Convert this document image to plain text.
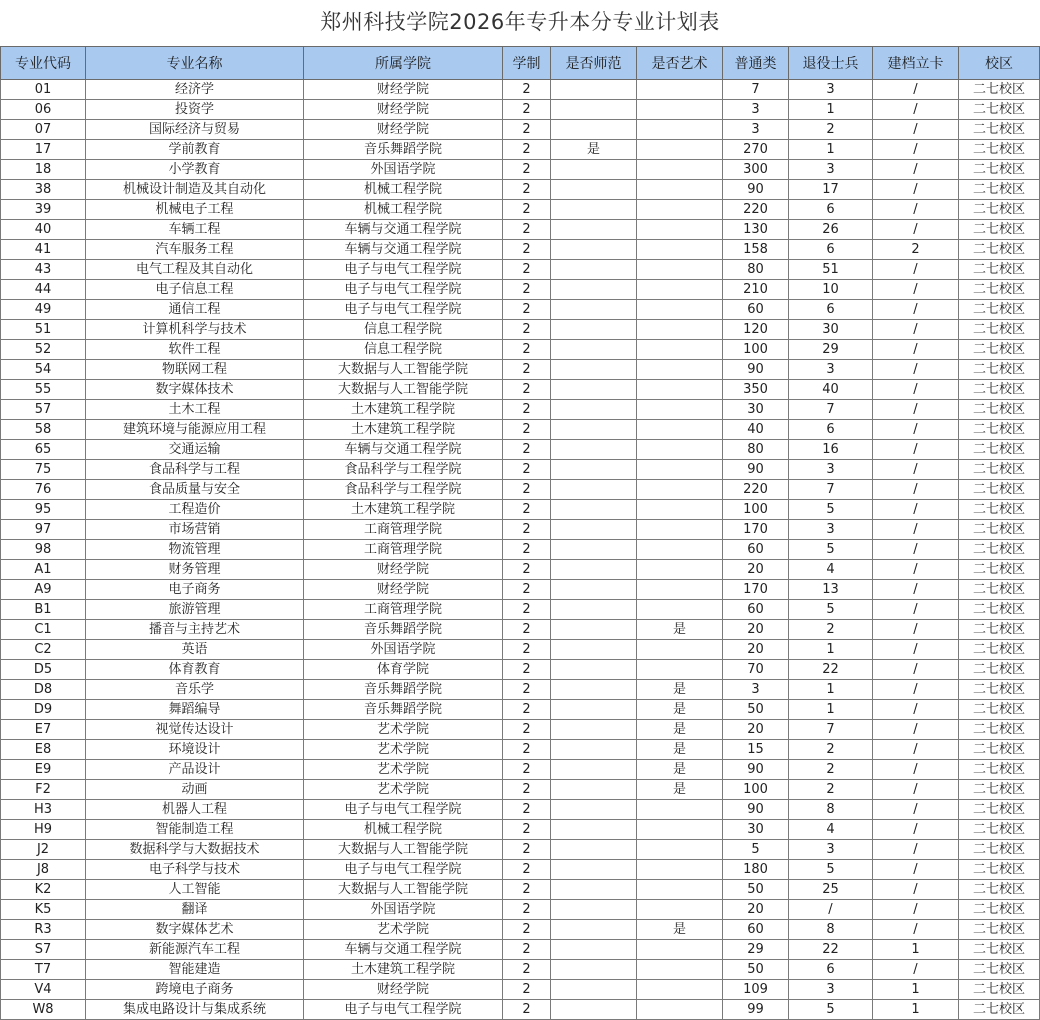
郑州科技学院2026年专升本分专业计划表
专业代码	专业名称	所属学院	学制	是否师范	是否艺术	普通类	退役士兵	建档立卡	校区
01	经济学	财经学院	2			7	3	/	二七校区
06	投资学	财经学院	2			3	1	/	二七校区
07	国际经济与贸易	财经学院	2			3	2	/	二七校区
17	学前教育	音乐舞蹈学院	2	是		270	1	/	二七校区
18	小学教育	外国语学院	2			300	3	/	二七校区
38	机械设计制造及其自动化	机械工程学院	2			90	17	/	二七校区
39	机械电子工程	机械工程学院	2			220	6	/	二七校区
40	车辆工程	车辆与交通工程学院	2			130	26	/	二七校区
41	汽车服务工程	车辆与交通工程学院	2			158	6	2	二七校区
43	电气工程及其自动化	电子与电气工程学院	2			80	51	/	二七校区
44	电子信息工程	电子与电气工程学院	2			210	10	/	二七校区
49	通信工程	电子与电气工程学院	2			60	6	/	二七校区
51	计算机科学与技术	信息工程学院	2			120	30	/	二七校区
52	软件工程	信息工程学院	2			100	29	/	二七校区
54	物联网工程	大数据与人工智能学院	2			90	3	/	二七校区
55	数字媒体技术	大数据与人工智能学院	2			350	40	/	二七校区
57	土木工程	土木建筑工程学院	2			30	7	/	二七校区
58	建筑环境与能源应用工程	土木建筑工程学院	2			40	6	/	二七校区
65	交通运输	车辆与交通工程学院	2			80	16	/	二七校区
75	食品科学与工程	食品科学与工程学院	2			90	3	/	二七校区
76	食品质量与安全	食品科学与工程学院	2			220	7	/	二七校区
95	工程造价	土木建筑工程学院	2			100	5	/	二七校区
97	市场营销	工商管理学院	2			170	3	/	二七校区
98	物流管理	工商管理学院	2			60	5	/	二七校区
A1	财务管理	财经学院	2			20	4	/	二七校区
A9	电子商务	财经学院	2			170	13	/	二七校区
B1	旅游管理	工商管理学院	2			60	5	/	二七校区
C1	播音与主持艺术	音乐舞蹈学院	2		是	20	2	/	二七校区
C2	英语	外国语学院	2			20	1	/	二七校区
D5	体育教育	体育学院	2			70	22	/	二七校区
D8	音乐学	音乐舞蹈学院	2		是	3	1	/	二七校区
D9	舞蹈编导	音乐舞蹈学院	2		是	50	1	/	二七校区
E7	视觉传达设计	艺术学院	2		是	20	7	/	二七校区
E8	环境设计	艺术学院	2		是	15	2	/	二七校区
E9	产品设计	艺术学院	2		是	90	2	/	二七校区
F2	动画	艺术学院	2		是	100	2	/	二七校区
H3	机器人工程	电子与电气工程学院	2			90	8	/	二七校区
H9	智能制造工程	机械工程学院	2			30	4	/	二七校区
J2	数据科学与大数据技术	大数据与人工智能学院	2			5	3	/	二七校区
J8	电子科学与技术	电子与电气工程学院	2			180	5	/	二七校区
K2	人工智能	大数据与人工智能学院	2			50	25	/	二七校区
K5	翻译	外国语学院	2			20	/	/	二七校区
R3	数字媒体艺术	艺术学院	2		是	60	8	/	二七校区
S7	新能源汽车工程	车辆与交通工程学院	2			29	22	1	二七校区
T7	智能建造	土木建筑工程学院	2			50	6	/	二七校区
V4	跨境电子商务	财经学院	2			109	3	1	二七校区
W8	集成电路设计与集成系统	电子与电气工程学院	2			99	5	1	二七校区
